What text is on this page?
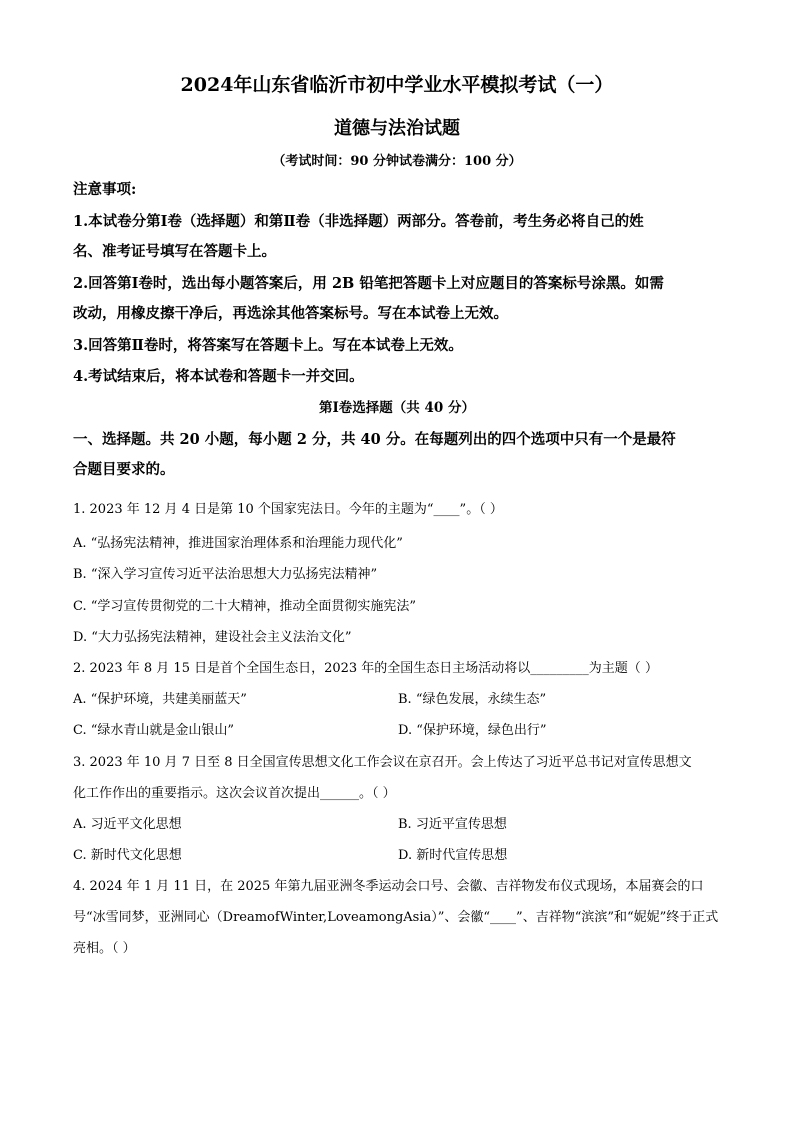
2024年山东省临沂市初中学业水平模拟考试（一）
道德与法治试题
（考试时间：90 分钟试卷满分：100 分）
注意事项:
1.本试卷分第Ⅰ卷（选择题）和第Ⅱ卷（非选择题）两部分。答卷前，考生务必将自己的姓
名、准考证号填写在答题卡上。
2.回答第Ⅰ卷时，选出每小题答案后，用 2B 铅笔把答题卡上对应题目的答案标号涂黑。如需
改动，用橡皮擦干净后，再选涂其他答案标号。写在本试卷上无效。
3.回答第Ⅱ卷时，将答案写在答题卡上。写在本试卷上无效。
4.考试结束后，将本试卷和答题卡一并交回。
第Ⅰ卷选择题（共 40 分）
一、选择题。共 20 小题，每小题 2 分，共 40 分。在每题列出的四个选项中只有一个是最符
合题目要求的。
1. 2023 年 12 月 4 日是第 10 个国家宪法日。今年的主题为“____”。（ ）
A. “弘扬宪法精神，推进国家治理体系和治理能力现代化”
B. “深入学习宣传习近平法治思想大力弘扬宪法精神”
C. “学习宣传贯彻党的二十大精神，推动全面贯彻实施宪法”
D. “大力弘扬宪法精神，建设社会主义法治文化”
2. 2023 年 8 月 15 日是首个全国生态日，2023 年的全国生态日主场活动将以_________为主题（ ）
A. “保护环境，共建美丽蓝天”	B. “绿色发展，永续生态”
C. “绿水青山就是金山银山”	D. “保护环境，绿色出行”
3. 2023 年 10 月 7 日至 8 日全国宣传思想文化工作会议在京召开。会上传达了习近平总书记对宣传思想文
化工作作出的重要指示。这次会议首次提出______。（ ）
A. 习近平文化思想	B. 习近平宣传思想
C. 新时代文化思想	D. 新时代宣传思想
4. 2024 年 1 月 11 日，在 2025 年第九届亚洲冬季运动会口号、会徽、吉祥物发布仪式现场，本届赛会的口
号“冰雪同梦，亚洲同心（DreamofWinter,LoveamongAsia）”、会徽“____”、吉祥物“滨滨”和“妮妮”终于正式
亮相。（ ）
